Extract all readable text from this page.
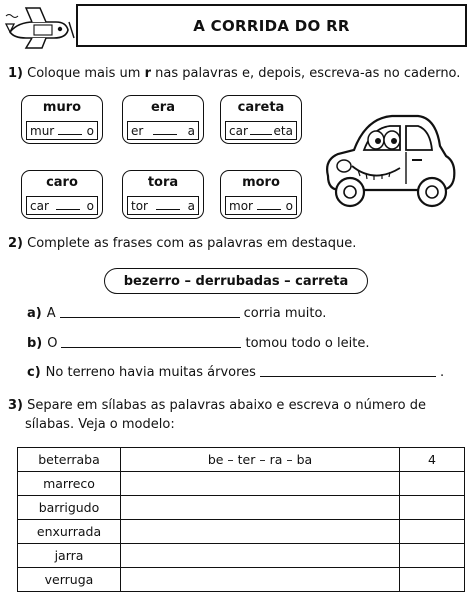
A CORRIDA DO RR
1) Coloque mais um r nas palavras e, depois, escreva-as no caderno.
muro
mur	o
era
er	a
careta
car eta
caro
car	o
tora
tor	a
moro
mor	o
2) Complete as frases com as palavras em destaque.
bezerro – derrubadas – carreta
a) A	corria muito.
b) O	tomou todo o leite.
c) No terreno havia muitas árvores	.
3) Separe em sílabas as palavras abaixo e escreva o número de
sílabas. Veja o modelo:
beterraba	be – ter – ra – ba	4
marreco		
barrigudo		
enxurrada		
jarra		
verruga		
